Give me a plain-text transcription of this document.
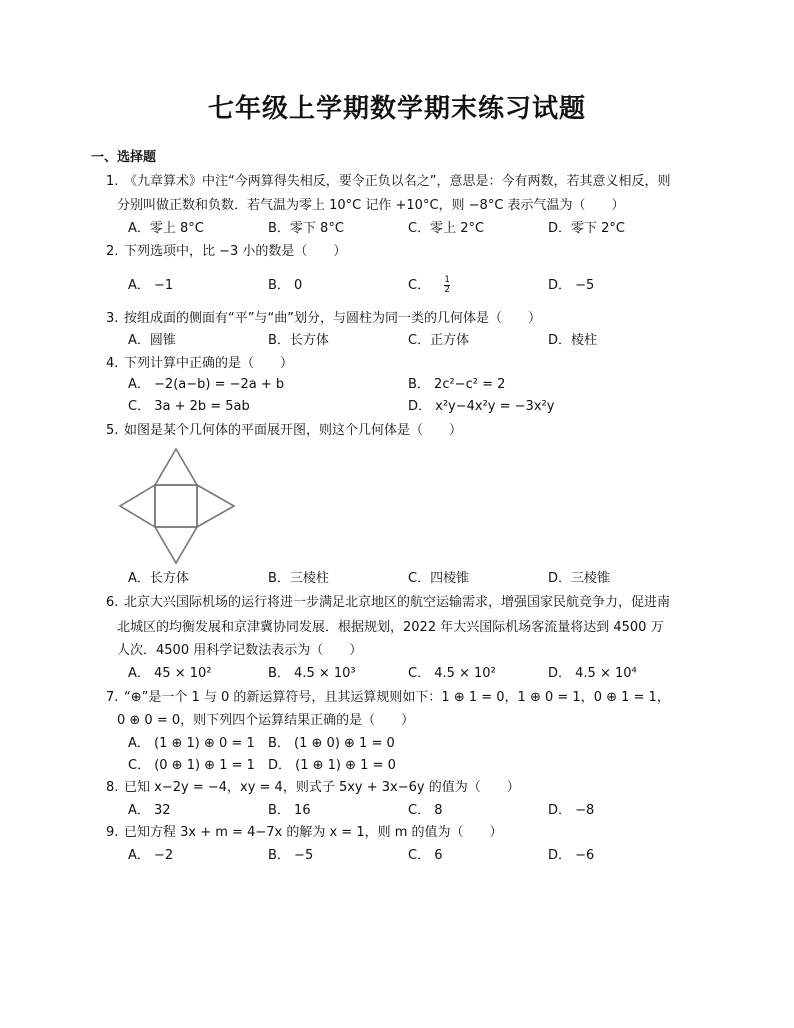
七年级上学期数学期末练习试题
一、选择题
1. 《九章算术》中注“今两算得失相反，要令正负以名之”，意思是：今有两数，若其意义相反，则
分别叫做正数和负数．若气温为零上 10°C 记作 +10°C，则 −8°C 表示气温为（　　）
A．零上 8°C	B．零下 8°C	C．零上 2°C	D．零下 2°C
2. 下列选项中，比 −3 小的数是（　　）
A． −1	B． 0	C． $\frac{1}{2}$	D． −5
3. 按组成面的侧面有“平”与“曲”划分，与圆柱为同一类的几何体是（　　）
A．圆锥	B．长方体	C．正方体	D．棱柱
4. 下列计算中正确的是（　　）
A． −2(a−b) = −2a + b	B． 2c²−c² = 2
C． 3a + 2b = 5ab	D． x²y−4x²y = −3x²y
5. 如图是某个几何体的平面展开图，则这个几何体是（　　）
A．长方体	B．三棱柱	C．四棱锥	D．三棱锥
6. 北京大兴国际机场的运行将进一步满足北京地区的航空运输需求，增强国家民航竞争力，促进南
北城区的均衡发展和京津冀协同发展．根据规划，2022 年大兴国际机场客流量将达到 4500 万
人次．4500 用科学记数法表示为（　　）
A． 45 × 10²	B． 4.5 × 10³	C． 4.5 × 10²	D． 4.5 × 10⁴
7. “⊕”是一个 1 与 0 的新运算符号，且其运算规则如下：1 ⊕ 1 = 0，1 ⊕ 0 = 1，0 ⊕ 1 = 1，
0 ⊕ 0 = 0，则下列四个运算结果正确的是（　　）
A． (1 ⊕ 1) ⊕ 0 = 1 B． (1 ⊕ 0) ⊕ 1 = 0
C． (0 ⊕ 1) ⊕ 1 = 1 D． (1 ⊕ 1) ⊕ 1 = 0
8. 已知 x−2y = −4，xy = 4，则式子 5xy + 3x−6y 的值为（　　）
A． 32	B． 16	C． 8	D． −8
9. 已知方程 3x + m = 4−7x 的解为 x = 1，则 m 的值为（　　）
A． −2	B． −5	C． 6	D． −6
